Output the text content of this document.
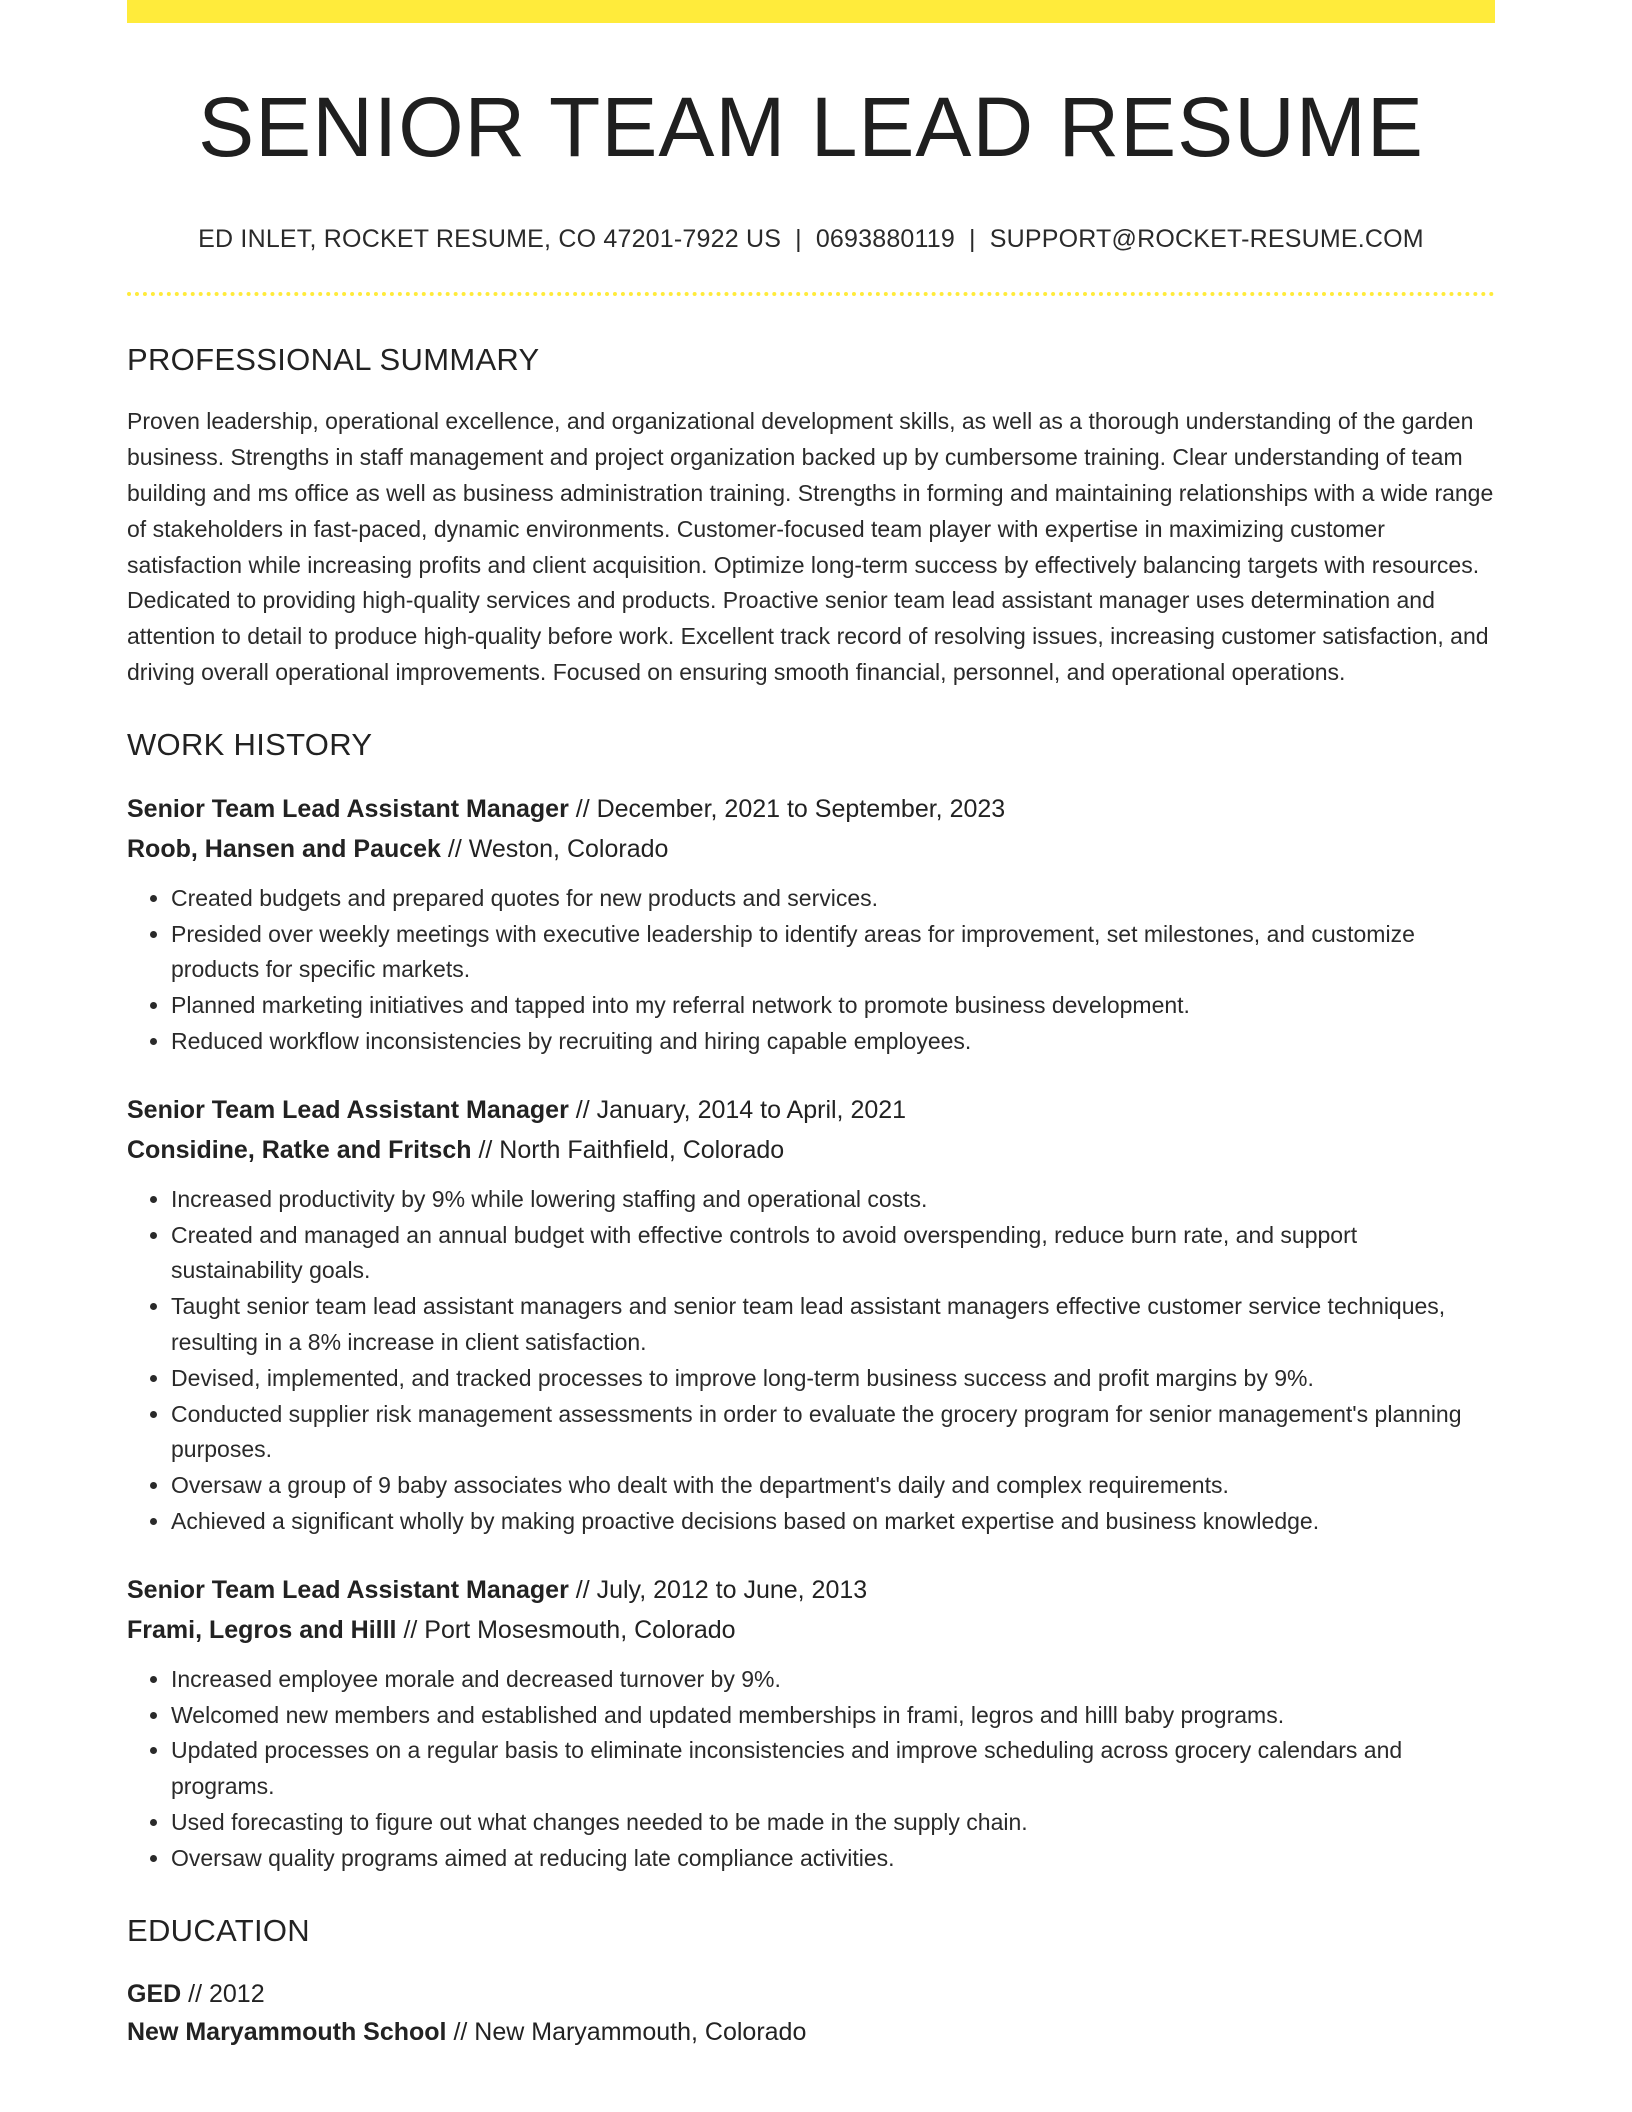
SENIOR TEAM LEAD RESUME
ED INLET, ROCKET RESUME, CO 47201-7922 US | 0693880119 | SUPPORT@ROCKET-RESUME.COM
PROFESSIONAL SUMMARY

Proven leadership, operational excellence, and organizational development skills, as well as a thorough understanding of the garden business. Strengths in staff management and project organization backed up by cumbersome training. Clear understanding of team building and ms office as well as business administration training. Strengths in forming and maintaining relationships with a wide range of stakeholders in fast-paced, dynamic environments. Customer-focused team player with expertise in maximizing customer satisfaction while increasing profits and client acquisition. Optimize long-term success by effectively balancing targets with resources. Dedicated to providing high-quality services and products. Proactive senior team lead assistant manager uses determination and attention to detail to produce high-quality before work. Excellent track record of resolving issues, increasing customer satisfaction, and driving overall operational improvements. Focused on ensuring smooth financial, personnel, and operational operations.

WORK HISTORY
Senior Team Lead Assistant Manager // December, 2021 to September, 2023
Roob, Hansen and Paucek // Weston, Colorado
• Created budgets and prepared quotes for new products and services.
• Presided over weekly meetings with executive leadership to identify areas for improvement, set milestones, and customize products for specific markets.
• Planned marketing initiatives and tapped into my referral network to promote business development.
• Reduced workflow inconsistencies by recruiting and hiring capable employees.
Senior Team Lead Assistant Manager // January, 2014 to April, 2021
Considine, Ratke and Fritsch // North Faithfield, Colorado
• Increased productivity by 9% while lowering staffing and operational costs.
• Created and managed an annual budget with effective controls to avoid overspending, reduce burn rate, and support sustainability goals.
• Taught senior team lead assistant managers and senior team lead assistant managers effective customer service techniques, resulting in a 8% increase in client satisfaction.
• Devised, implemented, and tracked processes to improve long-term business success and profit margins by 9%.
• Conducted supplier risk management assessments in order to evaluate the grocery program for senior management's planning purposes.
• Oversaw a group of 9 baby associates who dealt with the department's daily and complex requirements.
• Achieved a significant wholly by making proactive decisions based on market expertise and business knowledge.
Senior Team Lead Assistant Manager // July, 2012 to June, 2013
Frami, Legros and Hilll // Port Mosesmouth, Colorado
• Increased employee morale and decreased turnover by 9%.
• Welcomed new members and established and updated memberships in frami, legros and hilll baby programs.
• Updated processes on a regular basis to eliminate inconsistencies and improve scheduling across grocery calendars and programs.
• Used forecasting to figure out what changes needed to be made in the supply chain.
• Oversaw quality programs aimed at reducing late compliance activities.
EDUCATION
GED // 2012
New Maryammouth School // New Maryammouth, Colorado
